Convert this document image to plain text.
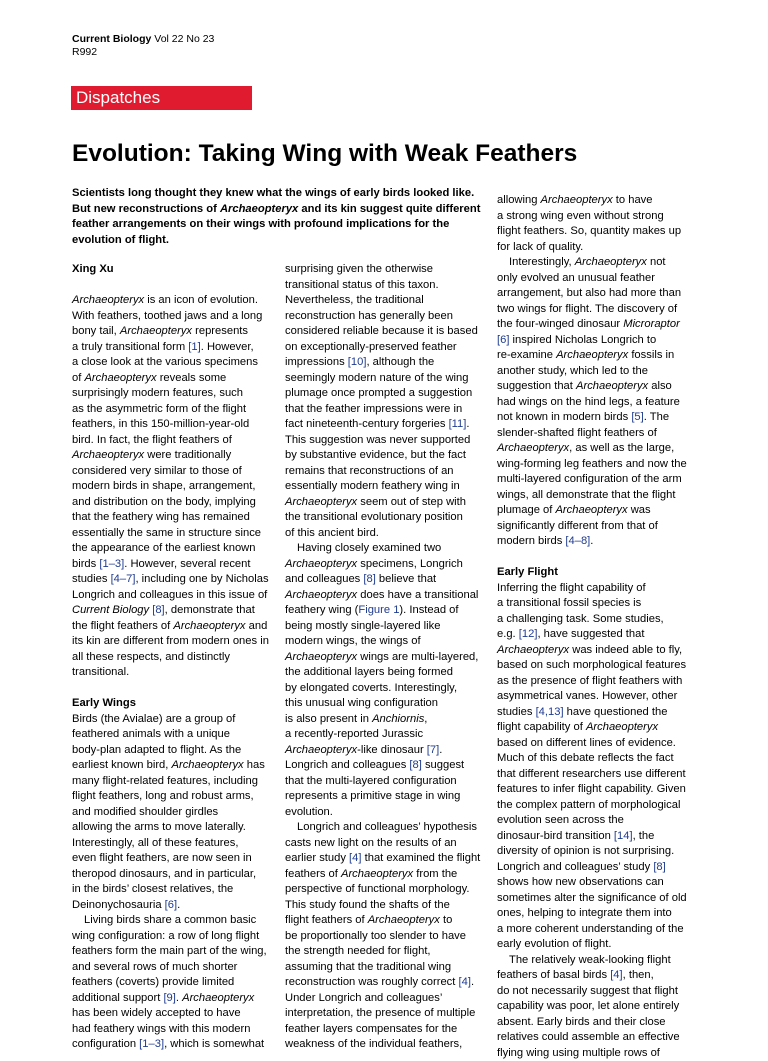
Current Biology Vol 22 No 23
R992
Dispatches
Evolution: Taking Wing with Weak Feathers
Scientists long thought they knew what the wings of early birds looked like.
But new reconstructions of Archaeopteryx and its kin suggest quite different
feather arrangements on their wings with profound implications for the
evolution of flight.
Xing Xu
Archaeopteryx is an icon of evolution.
With feathers, toothed jaws and a long
bony tail, Archaeopteryx represents
a truly transitional form [1]. However,
a close look at the various specimens
of Archaeopteryx reveals some
surprisingly modern features, such
as the asymmetric form of the flight
feathers, in this 150-million-year-old
bird. In fact, the flight feathers of
Archaeopteryx were traditionally
considered very similar to those of
modern birds in shape, arrangement,
and distribution on the body, implying
that the feathery wing has remained
essentially the same in structure since
the appearance of the earliest known
birds [1–3]. However, several recent
studies [4–7], including one by Nicholas
Longrich and colleagues in this issue of
Current Biology [8], demonstrate that
the flight feathers of Archaeopteryx and
its kin are different from modern ones in
all these respects, and distinctly
transitional.
Early Wings
Birds (the Avialae) are a group of
feathered animals with a unique
body-plan adapted to flight. As the
earliest known bird, Archaeopteryx has
many flight-related features, including
flight feathers, long and robust arms,
and modified shoulder girdles
allowing the arms to move laterally.
Interestingly, all of these features,
even flight feathers, are now seen in
theropod dinosaurs, and in particular,
in the birds’ closest relatives, the
Deinonychosauria [6].
Living birds share a common basic
wing configuration: a row of long flight
feathers form the main part of the wing,
and several rows of much shorter
feathers (coverts) provide limited
additional support [9]. Archaeopteryx
has been widely accepted to have
had feathery wings with this modern
configuration [1–3], which is somewhat
surprising given the otherwise
transitional status of this taxon.
Nevertheless, the traditional
reconstruction has generally been
considered reliable because it is based
on exceptionally-preserved feather
impressions [10], although the
seemingly modern nature of the wing
plumage once prompted a suggestion
that the feather impressions were in
fact nineteenth-century forgeries [11].
This suggestion was never supported
by substantive evidence, but the fact
remains that reconstructions of an
essentially modern feathery wing in
Archaeopteryx seem out of step with
the transitional evolutionary position
of this ancient bird.
Having closely examined two
Archaeopteryx specimens, Longrich
and colleagues [8] believe that
Archaeopteryx does have a transitional
feathery wing (Figure 1). Instead of
being mostly single-layered like
modern wings, the wings of
Archaeopteryx wings are multi-layered,
the additional layers being formed
by elongated coverts. Interestingly,
this unusual wing configuration
is also present in Anchiornis,
a recently-reported Jurassic
Archaeopteryx-like dinosaur [7].
Longrich and colleagues [8] suggest
that the multi-layered configuration
represents a primitive stage in wing
evolution.
Longrich and colleagues’ hypothesis
casts new light on the results of an
earlier study [4] that examined the flight
feathers of Archaeopteryx from the
perspective of functional morphology.
This study found the shafts of the
flight feathers of Archaeopteryx to
be proportionally too slender to have
the strength needed for flight,
assuming that the traditional wing
reconstruction was roughly correct [4].
Under Longrich and colleagues’
interpretation, the presence of multiple
feather layers compensates for the
weakness of the individual feathers,
allowing Archaeopteryx to have
a strong wing even without strong
flight feathers. So, quantity makes up
for lack of quality.
Interestingly, Archaeopteryx not
only evolved an unusual feather
arrangement, but also had more than
two wings for flight. The discovery of
the four-winged dinosaur Microraptor
[6] inspired Nicholas Longrich to
re-examine Archaeopteryx fossils in
another study, which led to the
suggestion that Archaeopteryx also
had wings on the hind legs, a feature
not known in modern birds [5]. The
slender-shafted flight feathers of
Archaeopteryx, as well as the large,
wing-forming leg feathers and now the
multi-layered configuration of the arm
wings, all demonstrate that the flight
plumage of Archaeopteryx was
significantly different from that of
modern birds [4–8].
Early Flight
Inferring the flight capability of
a transitional fossil species is
a challenging task. Some studies,
e.g. [12], have suggested that
Archaeopteryx was indeed able to fly,
based on such morphological features
as the presence of flight feathers with
asymmetrical vanes. However, other
studies [4,13] have questioned the
flight capability of Archaeopteryx
based on different lines of evidence.
Much of this debate reflects the fact
that different researchers use different
features to infer flight capability. Given
the complex pattern of morphological
evolution seen across the
dinosaur-bird transition [14], the
diversity of opinion is not surprising.
Longrich and colleagues’ study [8]
shows how new observations can
sometimes alter the significance of old
ones, helping to integrate them into
a more coherent understanding of the
early evolution of flight.
The relatively weak-looking flight
feathers of basal birds [4], then,
do not necessarily suggest that flight
capability was poor, let alone entirely
absent. Early birds and their close
relatives could assemble an effective
flying wing using multiple rows of
